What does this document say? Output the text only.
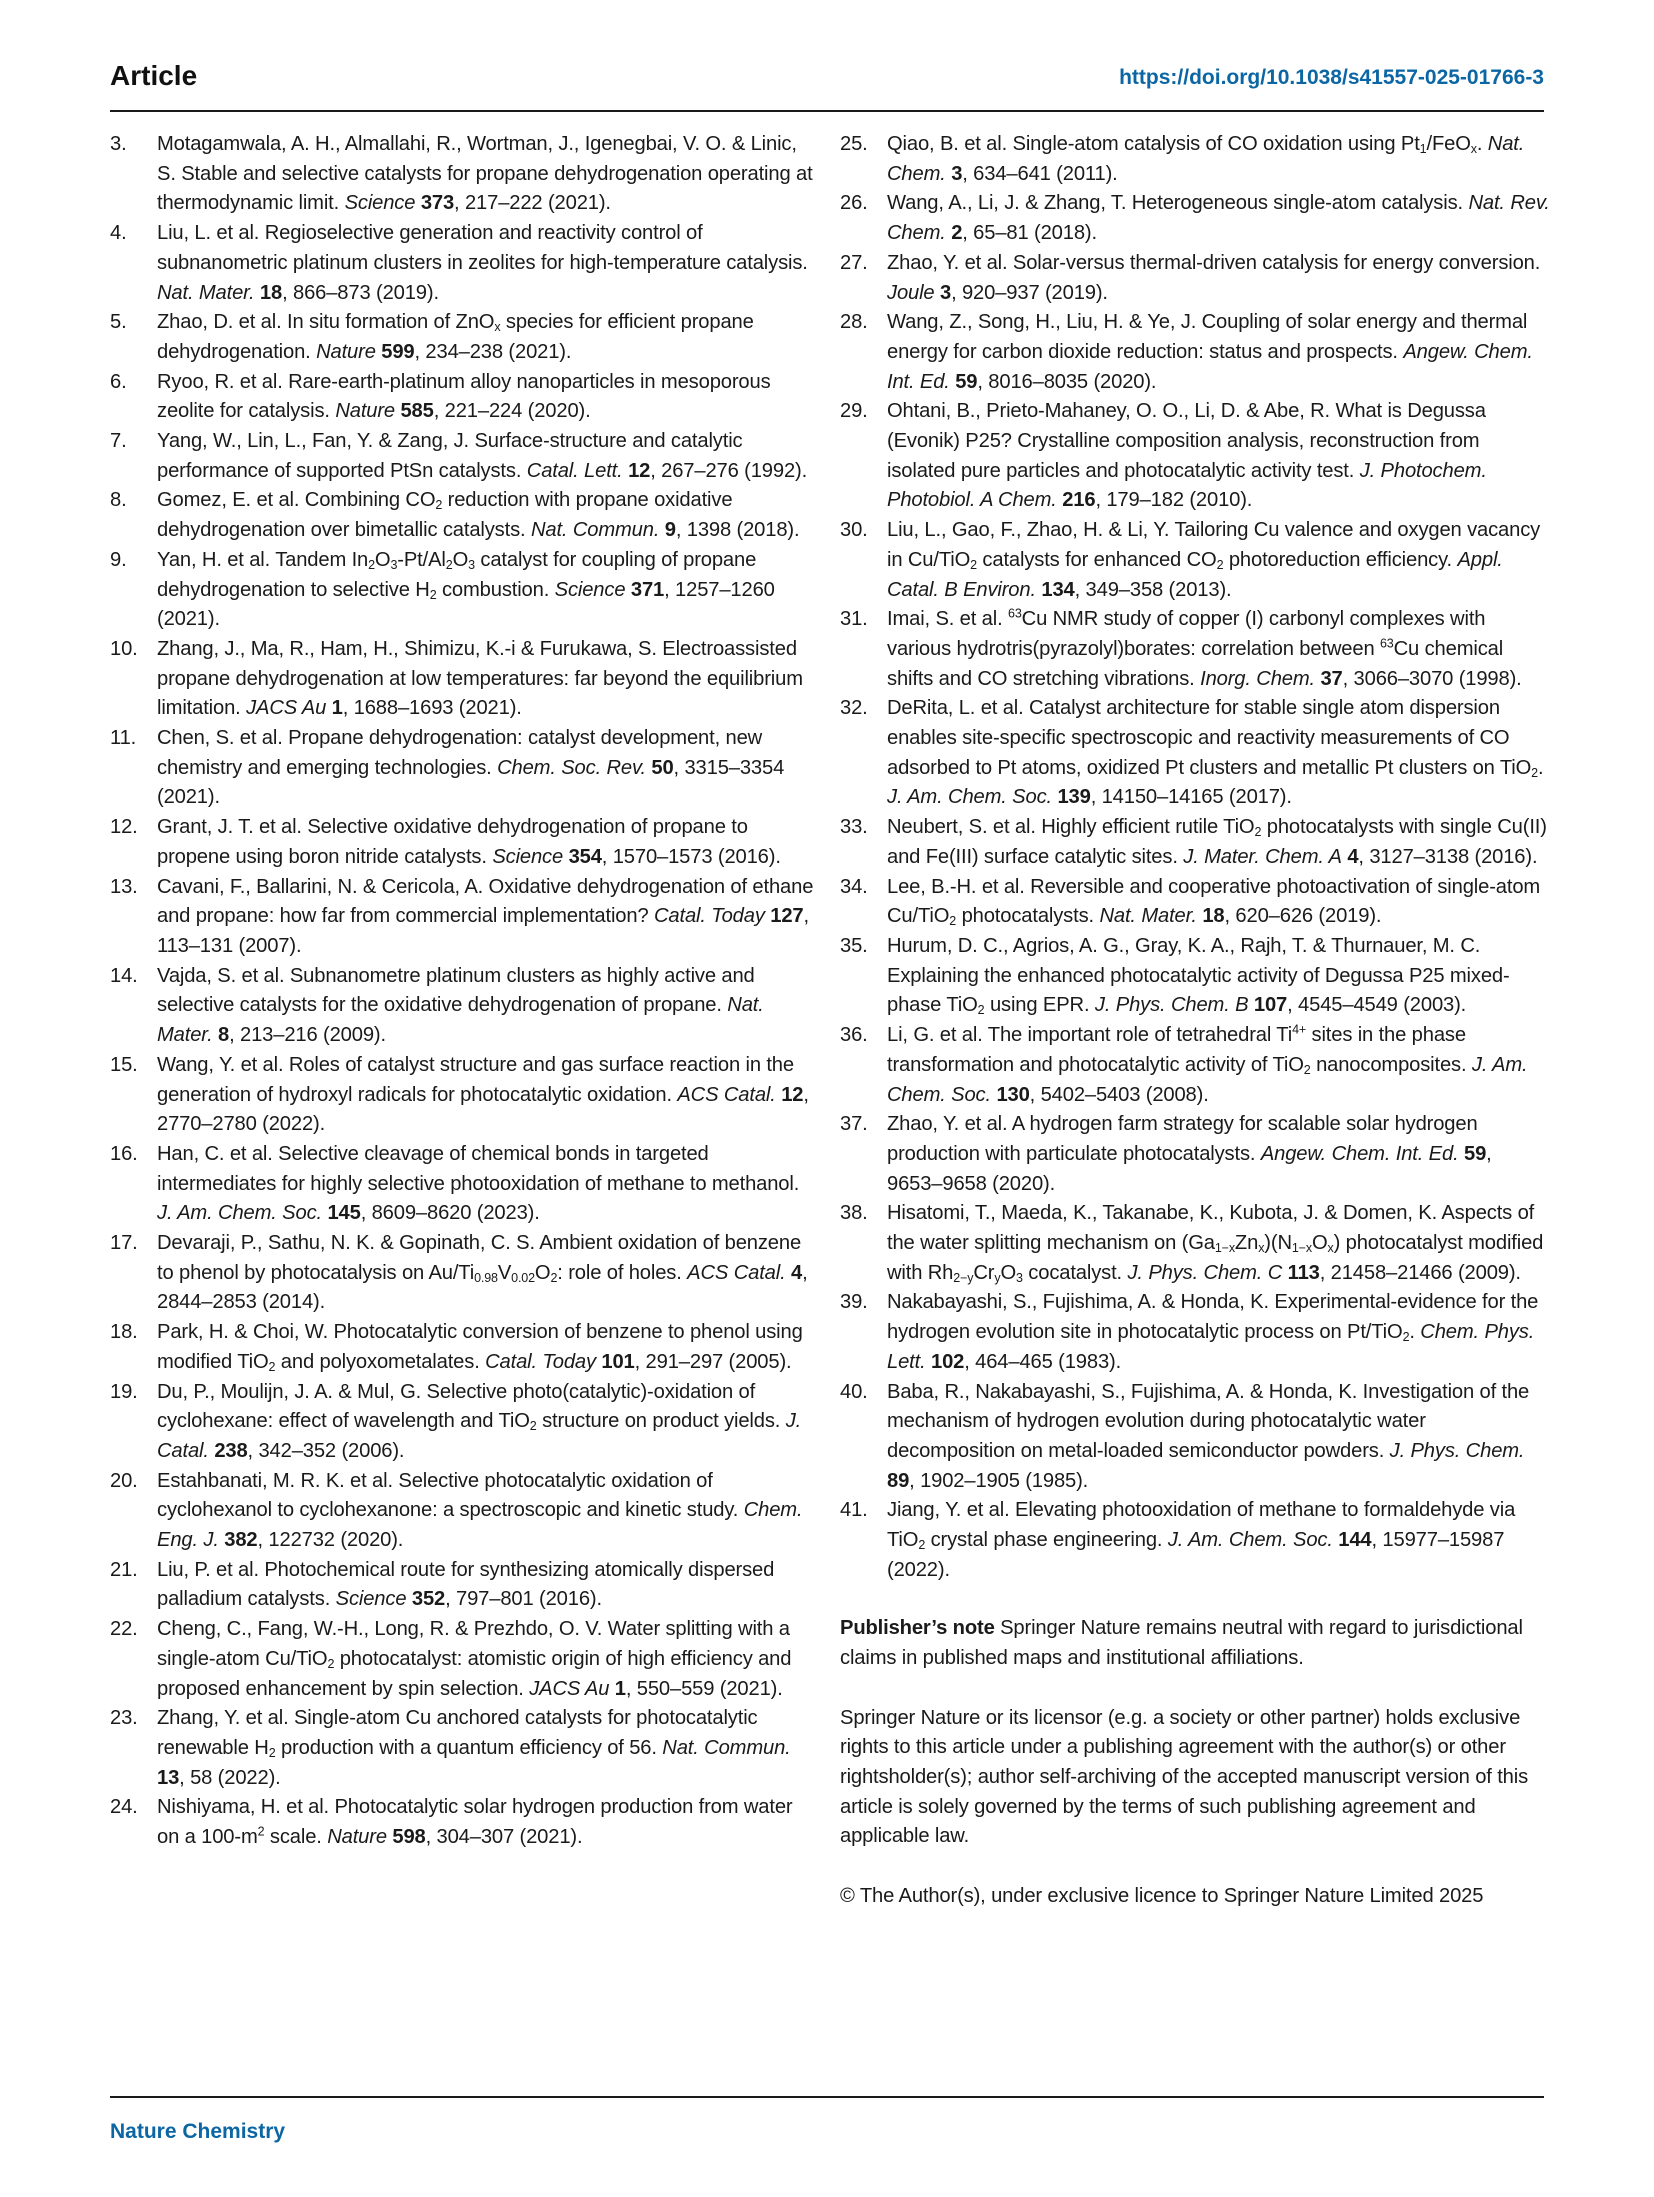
Article	https://doi.org/10.1038/s41557-025-01766-3
3.	Motagamwala, A. H., Almallahi, R., Wortman, J., Igenegbai, V. O. & Linic, S. Stable and selective catalysts for propane dehydrogenation operating at thermodynamic limit. Science 373, 217–222 (2021).
4.	Liu, L. et al. Regioselective generation and reactivity control of subnanometric platinum clusters in zeolites for high-temperature catalysis. Nat. Mater. 18, 866–873 (2019).
5.	Zhao, D. et al. In situ formation of ZnO$_x$ species for efficient propane dehydrogenation. Nature 599, 234–238 (2021).
6.	Ryoo, R. et al. Rare-earth-platinum alloy nanoparticles in mesoporous zeolite for catalysis. Nature 585, 221–224 (2020).
7.	Yang, W., Lin, L., Fan, Y. & Zang, J. Surface-structure and catalytic performance of supported PtSn catalysts. Catal. Lett. 12, 267–276 (1992).
8.	Gomez, E. et al. Combining $CO_2$ reduction with propane oxidative dehydrogenation over bimetallic catalysts. Nat. Commun. 9, 1398 (2018).
9.	Yan, H. et al. Tandem $In_2O_3-Pt/Al_2O_3$ catalyst for coupling of propane dehydrogenation to selective $H_2$ combustion. Science 371, 1257–1260 (2021).
10. Zhang, J., Ma, R., Ham, H., Shimizu, K.-i & Furukawa, S. Electroassisted propane dehydrogenation at low temperatures: far beyond the equilibrium limitation. JACS Au 1, 1688–1693 (2021).
11.	Chen, S. et al. Propane dehydrogenation: catalyst development, new chemistry and emerging technologies. Chem. Soc. Rev. 50, 3315–3354 (2021).
12. Grant, J. T. et al. Selective oxidative dehydrogenation of propane to propene using boron nitride catalysts. Science 354, 1570–1573 (2016).
13. Cavani, F., Ballarini, N. & Cericola, A. Oxidative dehydrogenation of ethane and propane: how far from commercial implementation? Catal. Today 127, 113–131 (2007).
14. Vajda, S. et al. Subnanometre platinum clusters as highly active and selective catalysts for the oxidative dehydrogenation of propane. Nat. Mater. 8, 213–216 (2009).
15. Wang, Y. et al. Roles of catalyst structure and gas surface reaction in the generation of hydroxyl radicals for photocatalytic oxidation. ACS Catal. 12, 2770–2780 (2022).
16. Han, C. et al. Selective cleavage of chemical bonds in targeted intermediates for highly selective photooxidation of methane to methanol. J. Am. Chem. Soc. 145, 8609–8620 (2023).
17. Devaraji, P., Sathu, N. K. & Gopinath, C. S. Ambient oxidation of benzene to phenol by photocatalysis on $Au/Ti_{0.98}V_{0.02}O_2$: role of holes. ACS Catal. 4, 2844–2853 (2014).
18. Park, H. & Choi, W. Photocatalytic conversion of benzene to phenol using modified TiO$_2$ and polyoxometalates. Catal. Today 101, 291–297 (2005).
19. Du, P., Moulijn, J. A. & Mul, G. Selective photo(catalytic)-oxidation of cyclohexane: effect of wavelength and TiO$_2$ structure on product yields. J. Catal. 238, 342–352 (2006).
20. Estahbanati, M. R. K. et al. Selective photocatalytic oxidation of cyclohexanol to cyclohexanone: a spectroscopic and kinetic study. Chem. Eng. J. 382, 122732 (2020).
21. Liu, P. et al. Photochemical route for synthesizing atomically dispersed palladium catalysts. Science 352, 797–801 (2016).
22. Cheng, C., Fang, W.-H., Long, R. & Prezhdo, O. V. Water splitting with a single-atom Cu/TiO$_2$ photocatalyst: atomistic origin of high efficiency and proposed enhancement by spin selection. JACS Au 1, 550–559 (2021).
23. Zhang, Y. et al. Single-atom Cu anchored catalysts for photocatalytic renewable $H_2$ production with a quantum efficiency of 56. Nat. Commun. 13, 58 (2022).
24. Nishiyama, H. et al. Photocatalytic solar hydrogen production from water on a $100-m^2$ scale. Nature 598, 304–307 (2021).
25. Qiao, B. et al. Single-atom catalysis of CO oxidation using $Pt_1/FeO_x$. Nat. Chem. 3, 634–641 (2011).
26. Wang, A., Li, J. & Zhang, T. Heterogeneous single-atom catalysis. Nat. Rev. Chem. 2, 65–81 (2018).
27. Zhao, Y. et al. Solar-versus thermal-driven catalysis for energy conversion. Joule 3, 920–937 (2019).
28. Wang, Z., Song, H., Liu, H. & Ye, J. Coupling of solar energy and thermal energy for carbon dioxide reduction: status and prospects. Angew. Chem. Int. Ed. 59, 8016–8035 (2020).
29. Ohtani, B., Prieto-Mahaney, O. O., Li, D. & Abe, R. What is Degussa (Evonik) P25? Crystalline composition analysis, reconstruction from isolated pure particles and photocatalytic activity test. J. Photochem. Photobiol. A Chem. 216, 179–182 (2010).
30. Liu, L., Gao, F., Zhao, H. & Li, Y. Tailoring Cu valence and oxygen vacancy in Cu/TiO$_2$ catalysts for enhanced $CO_2$ photoreduction efficiency. Appl. Catal. B Environ. 134, 349–358 (2013).
31. Imai, S. et al. $^{63}$Cu NMR study of copper (I) carbonyl complexes with various hydrotris(pyrazolyl)borates: correlation between $^{63}$Cu chemical shifts and CO stretching vibrations. Inorg. Chem. 37, 3066–3070 (1998).
32. DeRita, L. et al. Catalyst architecture for stable single atom dispersion enables site-specific spectroscopic and reactivity measurements of CO adsorbed to Pt atoms, oxidized Pt clusters and metallic Pt clusters on TiO$_2$. J. Am. Chem. Soc. 139, 14150–14165 (2017).
33. Neubert, S. et al. Highly efficient rutile TiO$_2$ photocatalysts with single Cu(II) and Fe(III) surface catalytic sites. J. Mater. Chem. A 4, 3127–3138 (2016).
34. Lee, B.-H. et al. Reversible and cooperative photoactivation of single-atom Cu/TiO$_2$ photocatalysts. Nat. Mater. 18, 620–626 (2019).
35. Hurum, D. C., Agrios, A. G., Gray, K. A., Rajh, T. & Thurnauer, M. C. Explaining the enhanced photocatalytic activity of Degussa P25 mixed-phase TiO$_2$ using EPR. J. Phys. Chem. B 107, 4545–4549 (2003).
36. Li, G. et al. The important role of tetrahedral $Ti^{4+}$ sites in the phase transformation and photocatalytic activity of TiO$_2$ nanocomposites. J. Am. Chem. Soc. 130, 5402–5403 (2008).
37. Zhao, Y. et al. A hydrogen farm strategy for scalable solar hydrogen production with particulate photocatalysts. Angew. Chem. Int. Ed. 59, 9653–9658 (2020).
38. Hisatomi, T., Maeda, K., Takanabe, K., Kubota, J. & Domen, K. Aspects of the water splitting mechanism on $(Ga_{1-x}Zn_x)(N_{1-x}O_x)$ photocatalyst modified with $Rh_{2-y}Cr_yO_3$ cocatalyst. J. Phys. Chem. C 113, 21458–21466 (2009).
39. Nakabayashi, S., Fujishima, A. & Honda, K. Experimental-evidence for the hydrogen evolution site in photocatalytic process on Pt/TiO$_2$. Chem. Phys. Lett. 102, 464–465 (1983).
40. Baba, R., Nakabayashi, S., Fujishima, A. & Honda, K. Investigation of the mechanism of hydrogen evolution during photocatalytic water decomposition on metal-loaded semiconductor powders. J. Phys. Chem. 89, 1902–1905 (1985).
41. Jiang, Y. et al. Elevating photooxidation of methane to formaldehyde via TiO$_2$ crystal phase engineering. J. Am. Chem. Soc. 144, 15977–15987 (2022).

Publisher’s note Springer Nature remains neutral with regard to jurisdictional claims in published maps and institutional affiliations.

Springer Nature or its licensor (e.g. a society or other partner) holds exclusive rights to this article under a publishing agreement with the author(s) or other rightsholder(s); author self-archiving of the accepted manuscript version of this article is solely governed by the terms of such publishing agreement and applicable law.

© The Author(s), under exclusive licence to Springer Nature Limited 2025

Nature Chemistry
